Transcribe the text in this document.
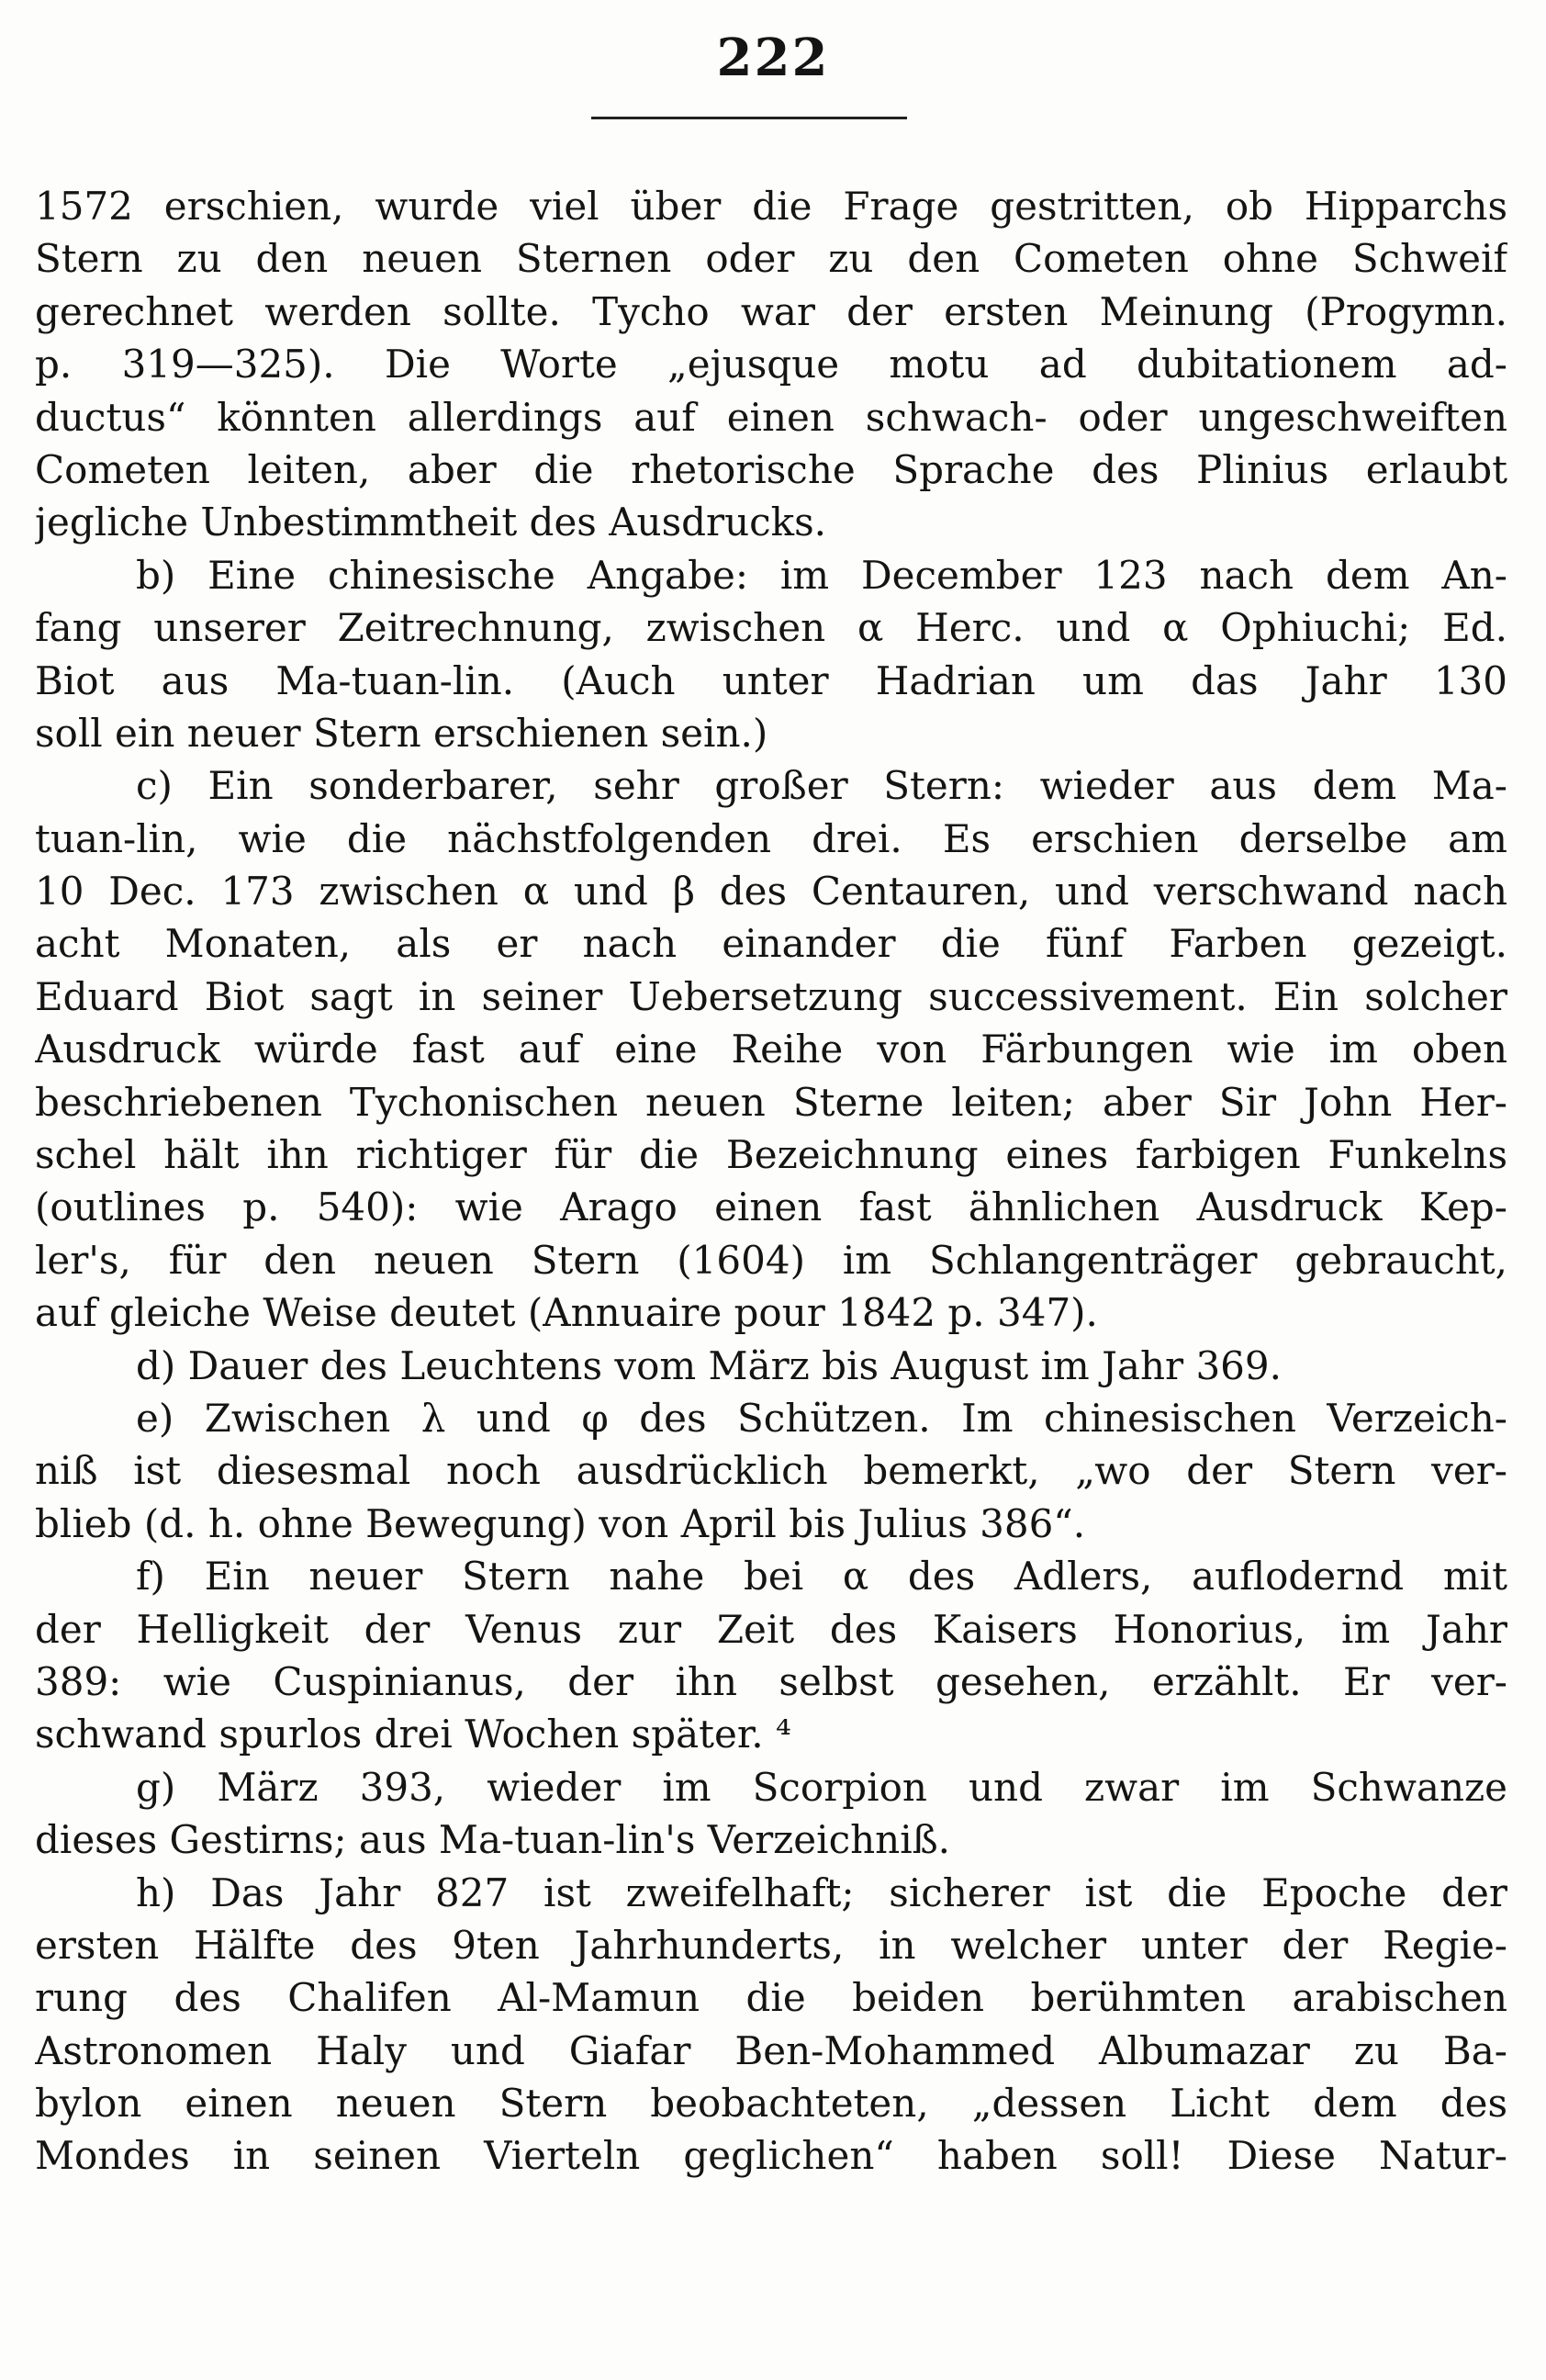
222
1572 erschien, wurde viel über die Frage gestritten, ob Hipparchs
Stern zu den neuen Sternen oder zu den Cometen ohne Schweif
gerechnet werden sollte. Tycho war der ersten Meinung (Progymn.
p. 319—325). Die Worte „ejusque motu ad dubitationem ad-
ductus“ könnten allerdings auf einen schwach- oder ungeschweiften
Cometen leiten, aber die rhetorische Sprache des Plinius erlaubt
jegliche Unbestimmtheit des Ausdrucks.
b) Eine chinesische Angabe: im December 123 nach dem An-
fang unserer Zeitrechnung, zwischen α Herc. und α Ophiuchi; Ed.
Biot aus Ma-tuan-lin. (Auch unter Hadrian um das Jahr 130
soll ein neuer Stern erschienen sein.)
c) Ein sonderbarer, sehr großer Stern: wieder aus dem Ma-
tuan-lin, wie die nächstfolgenden drei. Es erschien derselbe am
10 Dec. 173 zwischen α und β des Centauren, und verschwand nach
acht Monaten, als er nach einander die fünf Farben gezeigt.
Eduard Biot sagt in seiner Uebersetzung successivement. Ein solcher
Ausdruck würde fast auf eine Reihe von Färbungen wie im oben
beschriebenen Tychonischen neuen Sterne leiten; aber Sir John Her-
schel hält ihn richtiger für die Bezeichnung eines farbigen Funkelns
(outlines p. 540): wie Arago einen fast ähnlichen Ausdruck Kep-
ler's, für den neuen Stern (1604) im Schlangenträger gebraucht,
auf gleiche Weise deutet (Annuaire pour 1842 p. 347).
d) Dauer des Leuchtens vom März bis August im Jahr 369.
e) Zwischen λ und φ des Schützen. Im chinesischen Verzeich-
niß ist diesesmal noch ausdrücklich bemerkt, „wo der Stern ver-
blieb (d. h. ohne Bewegung) von April bis Julius 386“.
f) Ein neuer Stern nahe bei α des Adlers, auflodernd mit
der Helligkeit der Venus zur Zeit des Kaisers Honorius, im Jahr
389: wie Cuspinianus, der ihn selbst gesehen, erzählt. Er ver-
schwand spurlos drei Wochen später. ⁴
g) März 393, wieder im Scorpion und zwar im Schwanze
dieses Gestirns; aus Ma-tuan-lin's Verzeichniß.
h) Das Jahr 827 ist zweifelhaft; sicherer ist die Epoche der
ersten Hälfte des 9ten Jahrhunderts, in welcher unter der Regie-
rung des Chalifen Al-Mamun die beiden berühmten arabischen
Astronomen Haly und Giafar Ben-Mohammed Albumazar zu Ba-
bylon einen neuen Stern beobachteten, „dessen Licht dem des
Mondes in seinen Vierteln geglichen“ haben soll! Diese Natur-
